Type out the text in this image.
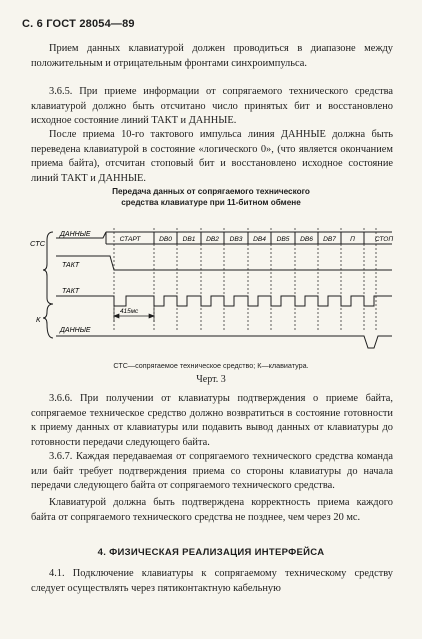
С. 6 ГОСТ 28054—89

Прием данных клавиатурой должен проводиться в диапазоне между положительным и отрицательным фронтами синхроимпульса.

3.6.5. При приеме информации от сопрягаемого технического средства клавиатурой должно быть отсчитано число принятых бит и восстановлено исходное состояние линий ТАКТ и ДАННЫЕ.

После приема 10-го тактового импульса линия ДАННЫЕ должна быть переведена клавиатурой в состояние «логического 0», (что является окончанием приема байта), отсчитан стоповый бит и восстановлено исходное состояние линий ТАКТ и ДАННЫЕ.

Передача данных от сопрягаемого технического
средства клавиатуре при 11-битном обмене
СТС
К
ДАННЫЕ
ТАКТ
ТАКТ
ДАННЫЕ
СТАРТ	DB0 DB1 DB2 DB3 DB4 DB5 DB6 DB7 П	СТОП
415мс
СТС—сопрягаемое техническое средство; К—клавиатура.
Черт. 3

3.6.6. При получении от клавиатуры подтверждения о приеме байта, сопрягаемое техническое средство должно возвратиться в состояние готовности к приему данных от клавиатуры или подавить вывод данных от клавиатуры до готовности передачи следующего байта.

3.6.7. Каждая передаваемая от сопрягаемого технического средства команда или байт требует подтверждения приема со стороны клавиатуры до начала передачи следующего байта от сопрягаемого технического средства.

Клавиатурой должна быть подтверждена корректность приема каждого байта от сопрягаемого технического средства не позднее, чем через 20 мс.

4. ФИЗИЧЕСКАЯ РЕАЛИЗАЦИЯ ИНТЕРФЕЙСА

4.1. Подключение клавиатуры к сопрягаемому техническому средству следует осуществлять через пятиконтактную кабельную
